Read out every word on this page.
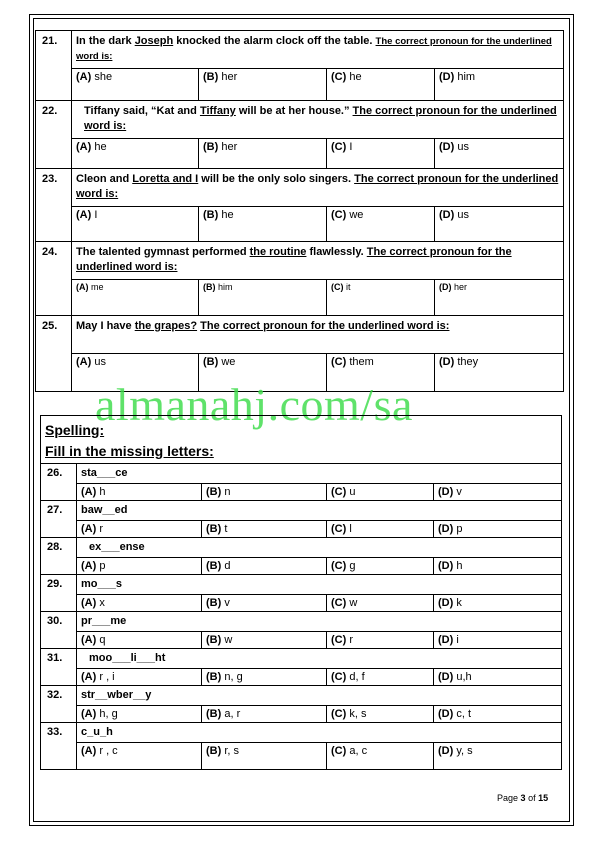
21.	In the dark Joseph knocked the alarm clock off the table. The correct pronoun for the underlined word is:			
	(A) she	(B) her	(C) he	(D) him
22.	Tiffany said, “Kat and Tiffany will be at her house.” The correct pronoun for the underlined word is:			
	(A) he	(B) her	(C) I	(D) us
23.	Cleon and Loretta and I will be the only solo singers. The correct pronoun for the underlined word is:			
	(A) I	(B) he	(C) we	(D) us
24.	The talented gymnast performed the routine flawlessly. The correct pronoun for the underlined word is:			
	(A) me	(B) him	(C) it	(D) her
25.	May I have the grapes? The correct pronoun for the underlined word is:			
	(A) us	(B) we	(C) them	(D) they
almanahj.com/sa
Spelling:
Fill in the missing letters:				

26.	sta___ce			
	(A) h	(B) n	(C) u	(D) v
27.	baw__ed			
	(A) r	(B) t	(C) l	(D) p
28.	ex___ense			
	(A) p	(B) d	(C) g	(D) h
29.	mo___s			
	(A) x	(B) v	(C) w	(D) k
30.	pr___me			
	(A) q	(B) w	(C) r	(D) i
31.	moo___li___ht			
	(A) r , i	(B) n, g	(C) d, f	(D) u,h
32.	str__wber__y			
	(A) h, g	(B) a, r	(C) k, s	(D) c, t
33.	c_u_h			
	(A) r , c	(B) r, s	(C) a, c	(D) y, s
Page 3 of 15
